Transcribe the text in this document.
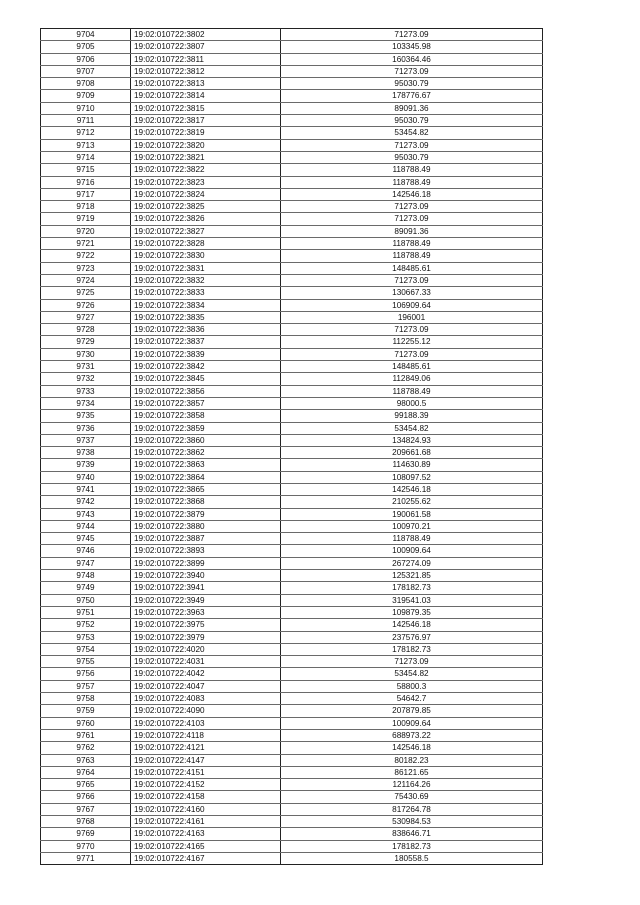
9704	19:02:010722:3802	71273.09
9705	19:02:010722:3807	103345.98
9706	19:02:010722:3811	160364.46
9707	19:02:010722:3812	71273.09
9708	19:02:010722:3813	95030.79
9709	19:02:010722:3814	178776.67
9710	19:02:010722:3815	89091.36
9711	19:02:010722:3817	95030.79
9712	19:02:010722:3819	53454.82
9713	19:02:010722:3820	71273.09
9714	19:02:010722:3821	95030.79
9715	19:02:010722:3822	118788.49
9716	19:02:010722:3823	118788.49
9717	19:02:010722:3824	142546.18
9718	19:02:010722:3825	71273.09
9719	19:02:010722:3826	71273.09
9720	19:02:010722:3827	89091.36
9721	19:02:010722:3828	118788.49
9722	19:02:010722:3830	118788.49
9723	19:02:010722:3831	148485.61
9724	19:02:010722:3832	71273.09
9725	19:02:010722:3833	130667.33
9726	19:02:010722:3834	106909.64
9727	19:02:010722:3835	196001
9728	19:02:010722:3836	71273.09
9729	19:02:010722:3837	112255.12
9730	19:02:010722:3839	71273.09
9731	19:02:010722:3842	148485.61
9732	19:02:010722:3845	112849.06
9733	19:02:010722:3856	118788.49
9734	19:02:010722:3857	98000.5
9735	19:02:010722:3858	99188.39
9736	19:02:010722:3859	53454.82
9737	19:02:010722:3860	134824.93
9738	19:02:010722:3862	209661.68
9739	19:02:010722:3863	114630.89
9740	19:02:010722:3864	108097.52
9741	19:02:010722:3865	142546.18
9742	19:02:010722:3868	210255.62
9743	19:02:010722:3879	190061.58
9744	19:02:010722:3880	100970.21
9745	19:02:010722:3887	118788.49
9746	19:02:010722:3893	100909.64
9747	19:02:010722:3899	267274.09
9748	19:02:010722:3940	125321.85
9749	19:02:010722:3941	178182.73
9750	19:02:010722:3949	319541.03
9751	19:02:010722:3963	109879.35
9752	19:02:010722:3975	142546.18
9753	19:02:010722:3979	237576.97
9754	19:02:010722:4020	178182.73
9755	19:02:010722:4031	71273.09
9756	19:02:010722:4042	53454.82
9757	19:02:010722:4047	58800.3
9758	19:02:010722:4083	54642.7
9759	19:02:010722:4090	207879.85
9760	19:02:010722:4103	100909.64
9761	19:02:010722:4118	688973.22
9762	19:02:010722:4121	142546.18
9763	19:02:010722:4147	80182.23
9764	19:02:010722:4151	86121.65
9765	19:02:010722:4152	121164.26
9766	19:02:010722:4158	75430.69
9767	19:02:010722:4160	817264.78
9768	19:02:010722:4161	530984.53
9769	19:02:010722:4163	838646.71
9770	19:02:010722:4165	178182.73
9771	19:02:010722:4167	180558.5
